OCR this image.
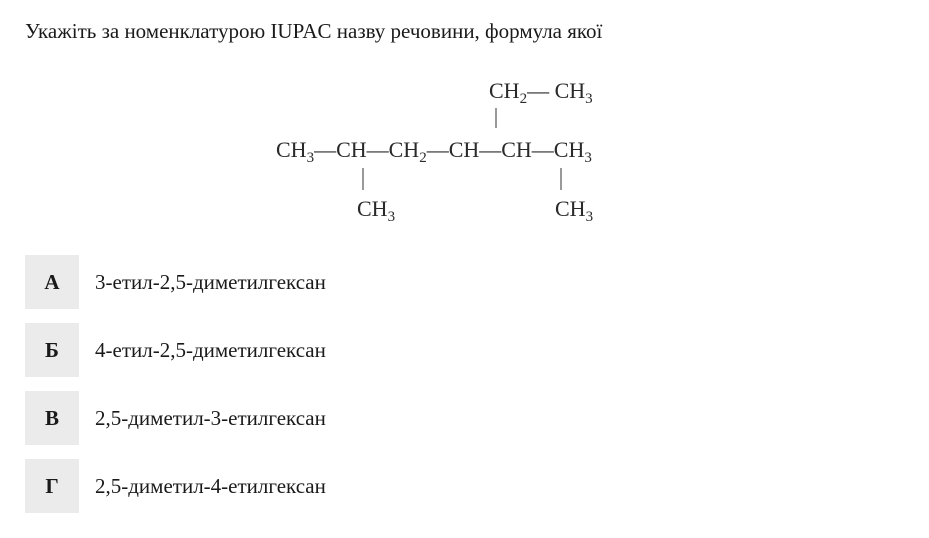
Укажіть за номенклатурою IUPAC назву речовини, формула якої
$CH_2—$ $CH_3$
$CH_3—CH—CH_2—CH—CH—CH_3$
$CH_3$	$CH_3$
А	3-етил-2,5-диметилгексан
Б	4-етил-2,5-диметилгексан
В	2,5-диметил-3-етилгексан
Г	2,5-диметил-4-етилгексан
